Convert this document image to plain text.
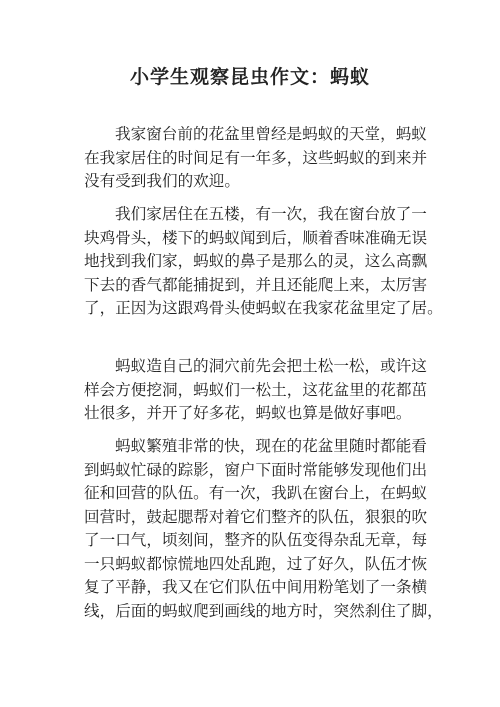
小学生观察昆虫作文：蚂蚁
我家窗台前的花盆里曾经是蚂蚁的天堂，蚂蚁
在我家居住的时间足有一年多，这些蚂蚁的到来并
没有受到我们的欢迎。
我们家居住在五楼，有一次，我在窗台放了一
块鸡骨头，楼下的蚂蚁闻到后，顺着香味准确无误
地找到我们家，蚂蚁的鼻子是那么的灵，这么高飘
下去的香气都能捕捉到，并且还能爬上来，太厉害
了，正因为这跟鸡骨头使蚂蚁在我家花盆里定了居。
蚂蚁造自己的洞穴前先会把土松一松，或许这
样会方便挖洞，蚂蚁们一松土，这花盆里的花都茁
壮很多，并开了好多花，蚂蚁也算是做好事吧。
蚂蚁繁殖非常的快，现在的花盆里随时都能看
到蚂蚁忙碌的踪影，窗户下面时常能够发现他们出
征和回营的队伍。有一次，我趴在窗台上，在蚂蚁
回营时，鼓起腮帮对着它们整齐的队伍，狠狠的吹
了一口气，顷刻间，整齐的队伍变得杂乱无章，每
一只蚂蚁都惊慌地四处乱跑，过了好久，队伍才恢
复了平静，我又在它们队伍中间用粉笔划了一条横
线，后面的蚂蚁爬到画线的地方时，突然刹住了脚，
